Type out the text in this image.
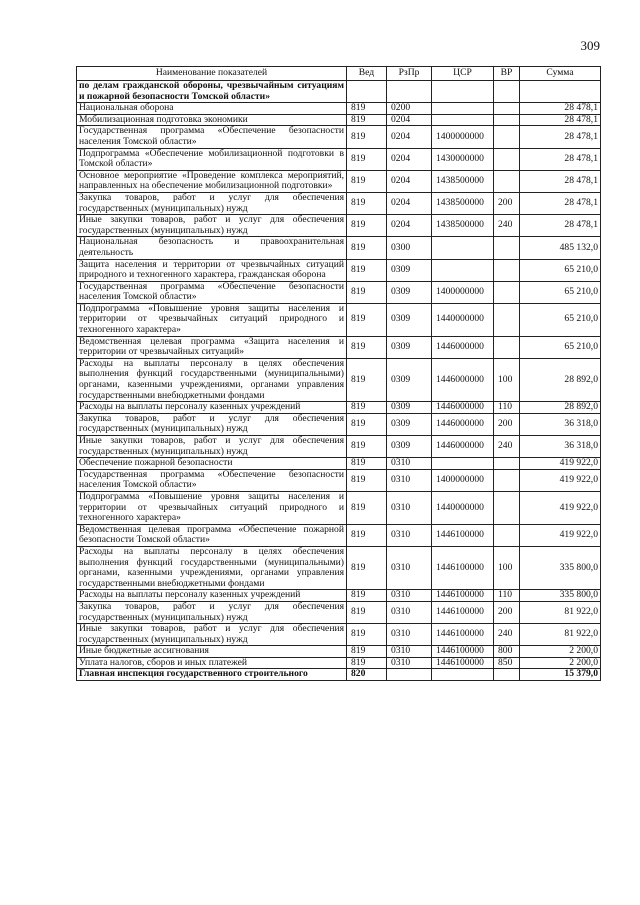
309
Наименование показателей	Вед	РзПр	ЦСР	ВР	Сумма
по делам гражданской обороны, чрезвычайным ситуациям и пожарной безопасности Томской области»					
Национальная оборона	819	0200			28 478,1
Мобилизационная подготовка экономики	819	0204			28 478,1
Государственная программа «Обеспечение безопасности населения Томской области»	819	0204	1400000000		28 478,1
Подпрограмма «Обеспечение мобилизационной подготовки в Томской области»	819	0204	1430000000		28 478,1
Основное мероприятие «Проведение комплекса мероприятий, направленных на обеспечение мобилизационной подготовки»	819	0204	1438500000		28 478,1
Закупка товаров, работ и услуг для обеспечения государственных (муниципальных) нужд	819	0204	1438500000	200	28 478,1
Иные закупки товаров, работ и услуг для обеспечения государственных (муниципальных) нужд	819	0204	1438500000	240	28 478,1
Национальная безопасность и правоохранительная деятельность	819	0300			485 132,0
Защита населения и территории от чрезвычайных ситуаций природного и техногенного характера, гражданская оборона	819	0309			65 210,0
Государственная программа «Обеспечение безопасности населения Томской области»	819	0309	1400000000		65 210,0
Подпрограмма «Повышение уровня защиты населения и территории от чрезвычайных ситуаций природного и техногенного характера»	819	0309	1440000000		65 210,0
Ведомственная целевая программа «Защита населения и территории от чрезвычайных ситуаций»	819	0309	1446000000		65 210,0
Расходы на выплаты персоналу в целях обеспечения выполнения функций государственными (муниципальными) органами, казенными учреждениями, органами управления государственными внебюджетными фондами	819	0309	1446000000	100	28 892,0
Расходы на выплаты персоналу казенных учреждений	819	0309	1446000000	110	28 892,0
Закупка товаров, работ и услуг для обеспечения государственных (муниципальных) нужд	819	0309	1446000000	200	36 318,0
Иные закупки товаров, работ и услуг для обеспечения государственных (муниципальных) нужд	819	0309	1446000000	240	36 318,0
Обеспечение пожарной безопасности	819	0310			419 922,0
Государственная программа «Обеспечение безопасности населения Томской области»	819	0310	1400000000		419 922,0
Подпрограмма «Повышение уровня защиты населения и территории от чрезвычайных ситуаций природного и техногенного характера»	819	0310	1440000000		419 922,0
Ведомственная целевая программа «Обеспечение пожарной безопасности Томской области»	819	0310	1446100000		419 922,0
Расходы на выплаты персоналу в целях обеспечения выполнения функций государственными (муниципальными) органами, казенными учреждениями, органами управления государственными внебюджетными фондами	819	0310	1446100000	100	335 800,0
Расходы на выплаты персоналу казенных учреждений	819	0310	1446100000	110	335 800,0
Закупка товаров, работ и услуг для обеспечения государственных (муниципальных) нужд	819	0310	1446100000	200	81 922,0
Иные закупки товаров, работ и услуг для обеспечения государственных (муниципальных) нужд	819	0310	1446100000	240	81 922,0
Иные бюджетные ассигнования	819	0310	1446100000	800	2 200,0
Уплата налогов, сборов и иных платежей	819	0310	1446100000	850	2 200,0
Главная инспекция государственного строительного	820				15 379,0
